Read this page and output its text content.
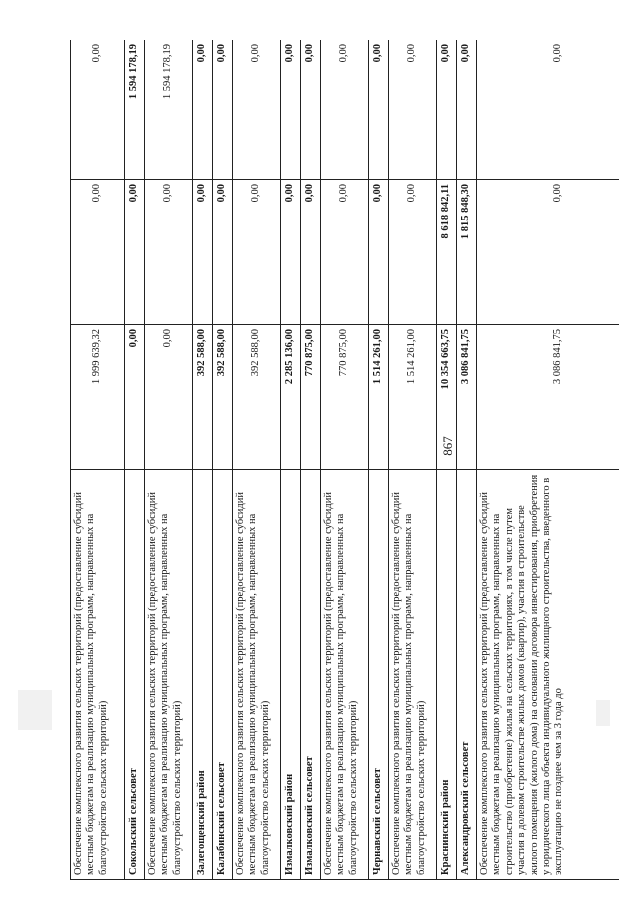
867
Обеспечение комплексного развития сельских территорий (предоставление субсидий местным бюджетам на реализацию муниципальных программ, направленных на благоустройство сельских территорий)	1 999 639,32	0,00	0,00
Сокольский сельсовет	0,00	0,00	1 594 178,19
Обеспечение комплексного развития сельских территорий (предоставление субсидий местным бюджетам на реализацию муниципальных программ, направленных на благоустройство сельских территорий)	0,00	0,00	1 594 178,19
Залегощенский район	392 588,00	0,00	0,00
Калабинский сельсовет	392 588,00	0,00	0,00
Обеспечение комплексного развития сельских территорий (предоставление субсидий местным бюджетам на реализацию муниципальных программ, направленных на благоустройство сельских территорий)	392 588,00	0,00	0,00
Измалковский район	2 285 136,00	0,00	0,00
Измалковский сельсовет	770 875,00	0,00	0,00
Обеспечение комплексного развития сельских территорий (предоставление субсидий местным бюджетам на реализацию муниципальных программ, направленных на благоустройство сельских территорий)	770 875,00	0,00	0,00
Чернавский сельсовет	1 514 261,00	0,00	0,00
Обеспечение комплексного развития сельских территорий (предоставление субсидий местным бюджетам на реализацию муниципальных программ, направленных на благоустройство сельских территорий)	1 514 261,00	0,00	0,00
Краснинский район	10 354 663,75	8 618 842,11	0,00
Александровский сельсовет	3 086 841,75	1 815 848,30	0,00
Обеспечение комплексного развития сельских территорий (предоставление субсидий местным бюджетам на реализацию муниципальных программ, направленных на строительство (приобретение) жилья на сельских территориях, в том числе путем участия в долевом строительстве жилых домов (квартир), участия в строительстве жилого помещения (жилого дома) на основании договора инвестирования, приобретения у юридического лица объекта индивидуального жилищного строительства, введенного в эксплуатацию не позднее чем за 3 года до	3 086 841,75	0,00	0,00
